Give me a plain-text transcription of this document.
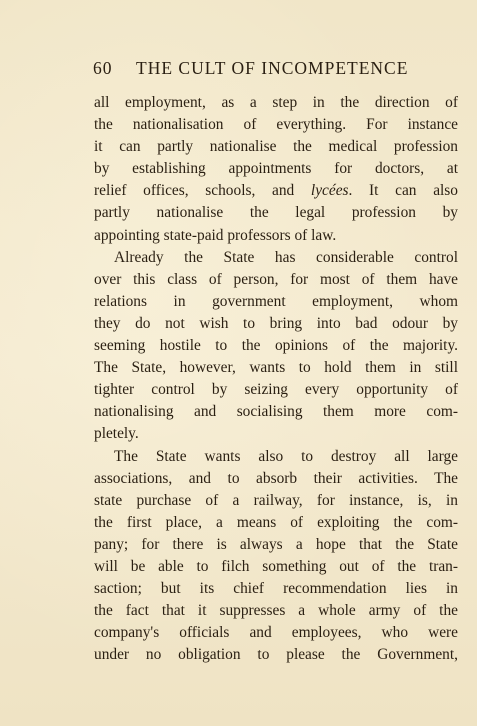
60 THE CULT OF INCOMPETENCE
all employment, as a step in the direction of
the nationalisation of everything. For instance
it can partly nationalise the medical profession
by establishing appointments for doctors, at
relief offices, schools, and lycées. It can also
partly nationalise the legal profession by
appointing state-paid professors of law.
Already the State has considerable control
over this class of person, for most of them have
relations in government employment, whom
they do not wish to bring into bad odour by
seeming hostile to the opinions of the majority.
The State, however, wants to hold them in still
tighter control by seizing every opportunity of
nationalising and socialising them more com-
pletely.
The State wants also to destroy all large
associations, and to absorb their activities. The
state purchase of a railway, for instance, is, in
the first place, a means of exploiting the com-
pany; for there is always a hope that the State
will be able to filch something out of the tran-
saction; but its chief recommendation lies in
the fact that it suppresses a whole army of the
company's officials and employees, who were
under no obligation to please the Government,
